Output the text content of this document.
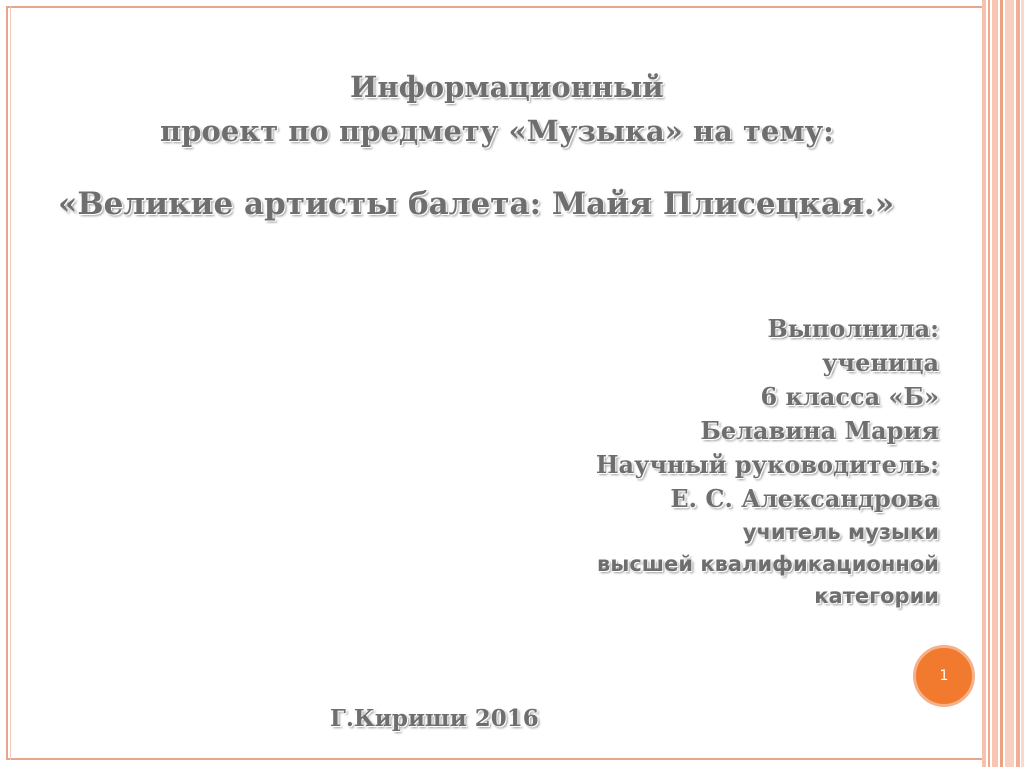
Информационный

проект по предмету «Музыка» на тему:

«Великие артисты балета: Майя Плисецкая.»

Выполнила:
ученица
6 класса «Б»
Белавина Мария
Научный руководитель:
Е. С. Александрова
учитель музыки
высшей квалификационной
категории

Г.Кириши 2016

1
